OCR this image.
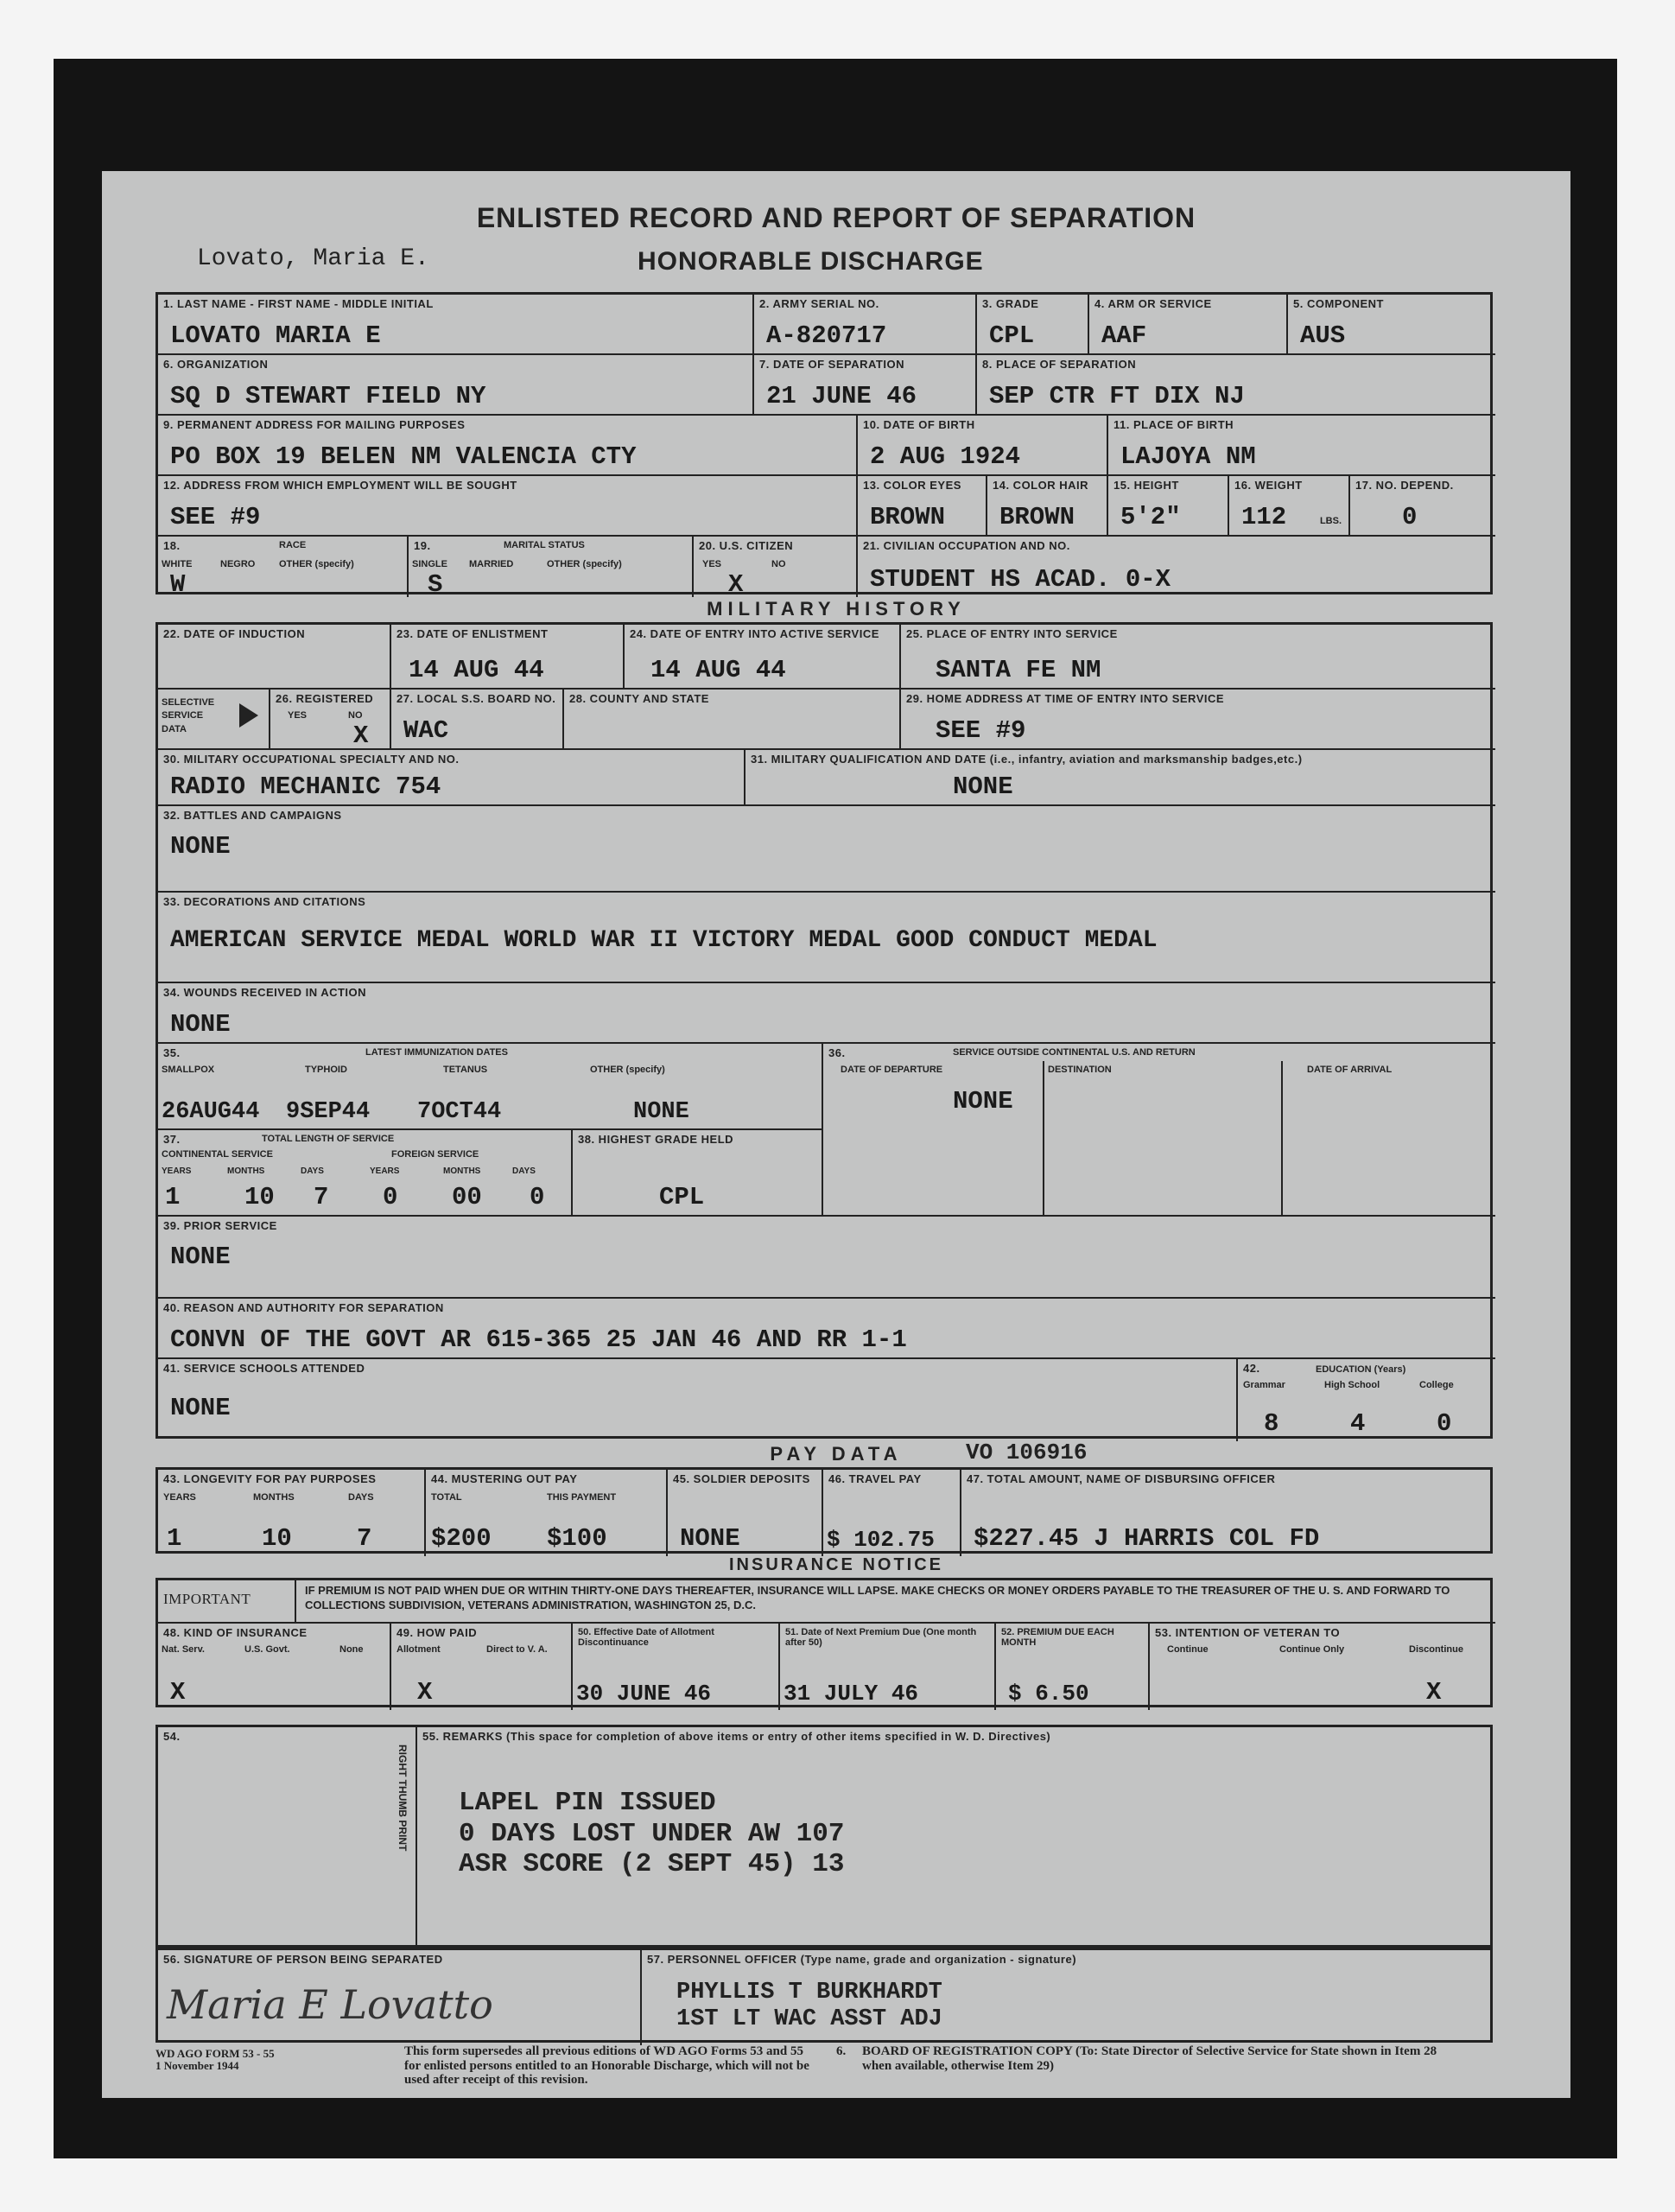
ENLISTED RECORD AND REPORT OF SEPARATION
Lovato, Maria E.	HONORABLE DISCHARGE
1. LAST NAME - FIRST NAME - MIDDLE INITIAL
LOVATO MARIA E
2. ARMY SERIAL NO.
A-820717
3. GRADE
CPL
4. ARM OR SERVICE
AAF
5. COMPONENT
AUS
6. ORGANIZATION
SQ D STEWART FIELD NY
7. DATE OF SEPARATION
21 JUNE 46
8. PLACE OF SEPARATION
SEP CTR FT DIX NJ
9. PERMANENT ADDRESS FOR MAILING PURPOSES
PO BOX 19 BELEN NM VALENCIA CTY
10. DATE OF BIRTH
2 AUG 1924
11. PLACE OF BIRTH
LAJOYA NM
12. ADDRESS FROM WHICH EMPLOYMENT WILL BE SOUGHT
SEE #9
13. COLOR EYES
BROWN
14. COLOR HAIR
BROWN
15. HEIGHT
5'2"
16. WEIGHT
112	LBS.
17. NO. DEPEND.
0
18.	RACE
WHITE	NEGRO	OTHER (specify)
W
19.	MARITAL STATUS
SINGLE MARRIED	OTHER (specify)
S
20. U.S. CITIZEN
YES	NO
X
21. CIVILIAN OCCUPATION AND NO.
STUDENT HS ACAD. 0-X
MILITARY HISTORY
22. DATE OF INDUCTION	23. DATE OF ENLISTMENT
14 AUG 44
24. DATE OF ENTRY INTO ACTIVE SERVICE
14 AUG 44
25. PLACE OF ENTRY INTO SERVICE
SANTA FE NM
SELECTIVE SERVICE DATA
26. REGISTERED
YES	NO
X
27. LOCAL S.S. BOARD NO.
WAC
28. COUNTY AND STATE	29. HOME ADDRESS AT TIME OF ENTRY INTO SERVICE
SEE #9
30. MILITARY OCCUPATIONAL SPECIALTY AND NO.
RADIO MECHANIC 754
31. MILITARY QUALIFICATION AND DATE (i.e., infantry, aviation and marksmanship badges,etc.)
NONE
32. BATTLES AND CAMPAIGNS
NONE
33. DECORATIONS AND CITATIONS
AMERICAN SERVICE MEDAL WORLD WAR II VICTORY MEDAL GOOD CONDUCT MEDAL
34. WOUNDS RECEIVED IN ACTION
NONE
35.	LATEST IMMUNIZATION DATES
SMALLPOX	TYPHOID	TETANUS	OTHER (specify)
26AUG44 9SEP44 7OCT44	NONE
36.	SERVICE OUTSIDE CONTINENTAL U.S. AND RETURN
DATE OF DEPARTURE	DESTINATION	DATE OF ARRIVAL
NONE
37.	TOTAL LENGTH OF SERVICE
CONTINENTAL SERVICE	FOREIGN SERVICE
YEARS	MONTHS	DAYS	YEARS	MONTHS	DAYS
1	10 7 0 00 0
38. HIGHEST GRADE HELD
CPL
39. PRIOR SERVICE
NONE
40. REASON AND AUTHORITY FOR SEPARATION
CONVN OF THE GOVT AR 615-365 25 JAN 46 AND RR 1-1
41. SERVICE SCHOOLS ATTENDED
NONE
42.	EDUCATION (Years)
Grammar	High School	College
8	4	0
PAY DATA	VO 106916
43. LONGEVITY FOR PAY PURPOSES
YEARS	MONTHS	DAYS
1	10	7
44. MUSTERING OUT PAY
TOTAL	THIS PAYMENT
$200 $100
45. SOLDIER DEPOSITS
NONE
46. TRAVEL PAY
$ 102.75
47. TOTAL AMOUNT, NAME OF DISBURSING OFFICER
$227.45 J HARRIS COL FD
INSURANCE NOTICE
IMPORTANT
IF PREMIUM IS NOT PAID WHEN DUE OR WITHIN THIRTY-ONE DAYS THEREAFTER, INSURANCE WILL LAPSE. MAKE CHECKS OR MONEY ORDERS PAYABLE TO THE TREASURER OF THE U. S. AND FORWARD TO COLLECTIONS SUBDIVISION, VETERANS ADMINISTRATION, WASHINGTON 25, D.C.
48. KIND OF INSURANCE
Nat. Serv.	U.S. Govt.	None
X
49. HOW PAID
Allotment	Direct to V. A.
X
50. Effective Date of Allotment Discontinuance
30 JUNE 46
51. Date of Next Premium Due (One month after 50)
31 JULY 46
52. PREMIUM DUE EACH MONTH
$ 6.50
53. INTENTION OF VETERAN TO
Continue	Continue Only	Discontinue
X
54.
RIGHT THUMB PRINT
55. REMARKS (This space for completion of above items or entry of other items specified in W. D. Directives)
LAPEL PIN ISSUED
0 DAYS LOST UNDER AW 107
ASR SCORE (2 SEPT 45) 13
56. SIGNATURE OF PERSON BEING SEPARATED
Maria E Lovatto
57. PERSONNEL OFFICER (Type name, grade and organization - signature)
PHYLLIS T BURKHARDT
1ST LT WAC ASST ADJ
WD AGO FORM 53 - 55
1 November 1944
This form supersedes all previous editions of WD AGO Forms 53 and 55 for enlisted persons entitled to an Honorable Discharge, which will not be used after receipt of this revision.
6. BOARD OF REGISTRATION COPY (To: State Director of Selective Service for State shown in Item 28 when available, otherwise Item 29)
